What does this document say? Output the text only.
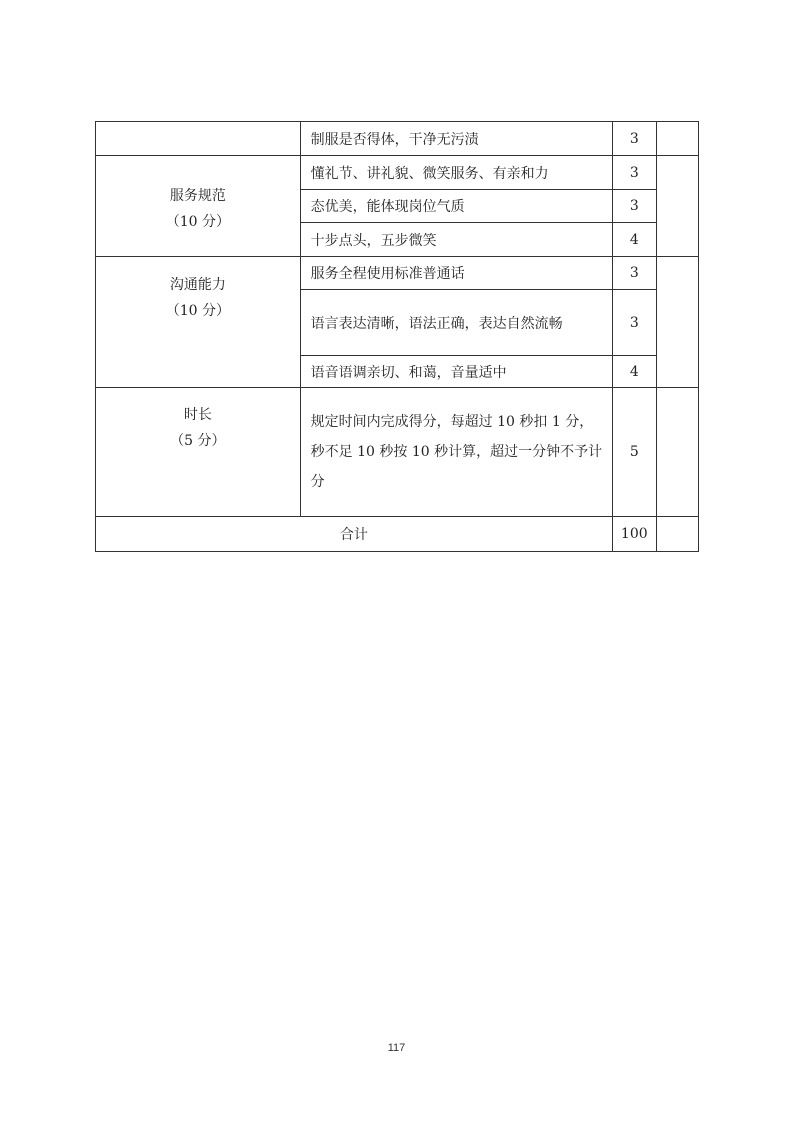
	制服是否得体，干净无污渍	3	

服务规范
（10 分）	懂礼节、讲礼貌、微笑服务、有亲和力	3	
	态优美，能体现岗位气质	3	
	十步点头，五步微笑	4	

沟通能力
（10 分）	服务全程使用标准普通话	3	
	语言表达清晰，语法正确，表达自然流畅	3	
	语音语调亲切、和蔼，音量适中	4	

时长
（5 分）	规定时间内完成得分，每超过 10 秒扣 1 分，秒不足 10 秒按 10 秒计算，超过一分钟不予计分	5	
合计		100	
117
